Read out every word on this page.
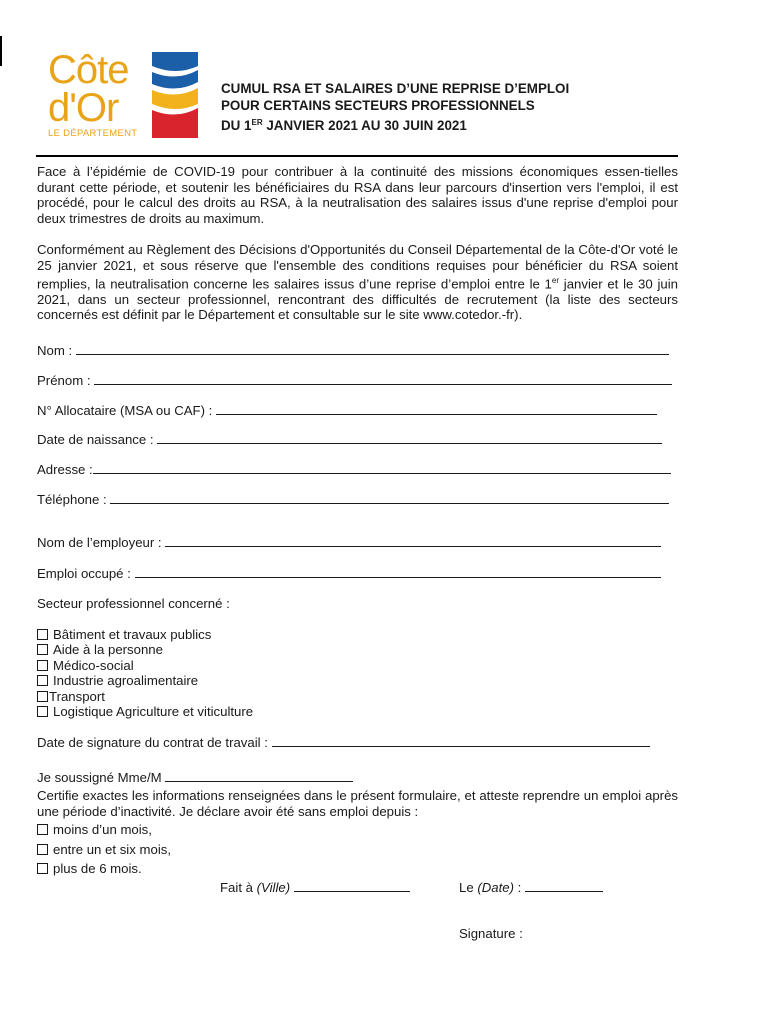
Côte
d'Or
LE DÉPARTEMENT
CUMUL RSA ET SALAIRES D’UNE REPRISE D’EMPLOI
POUR CERTAINS SECTEURS PROFESSIONNELS
DU 1ER JANVIER 2021 AU 30 JUIN 2021
Face à l’épidémie de COVID-19 pour contribuer à la continuité des missions économiques essen-tielles durant cette période, et soutenir les bénéficiaires du RSA dans leur parcours d'insertion vers l'emploi, il est procédé, pour le calcul des droits au RSA, à la neutralisation des salaires issus d'une reprise d'emploi pour deux trimestres de droits au maximum.
Conformément au Règlement des Décisions d'Opportunités du Conseil Départemental de la Côte-d'Or voté le 25 janvier 2021, et sous réserve que l'ensemble des conditions requises pour bénéficier du RSA soient remplies, la neutralisation concerne les salaires issus d’une reprise d’emploi entre le 1er janvier et le 30 juin 2021, dans un secteur professionnel, rencontrant des difficultés de recrutement (la liste des secteurs concernés est définit par le Département et consultable sur le site www.cotedor.-fr).
Nom :
Prénom :
N° Allocataire (MSA ou CAF) :
Date de naissance :
Adresse :
Téléphone :
Nom de l’employeur :
Emploi occupé :
Secteur professionnel concerné :
Bâtiment et travaux publics
Aide à la personne
Médico-social
Industrie agroalimentaire
Transport
Logistique Agriculture et viticulture
Date de signature du contrat de travail :
Je soussigné Mme/M
Certifie exactes les informations renseignées dans le présent formulaire, et atteste reprendre un emploi après une période d’inactivité. Je déclare avoir été sans emploi depuis :
moins d’un mois,
entre un et six mois,
plus de 6 mois.
Fait à (Ville)	Le (Date) :
Signature :
